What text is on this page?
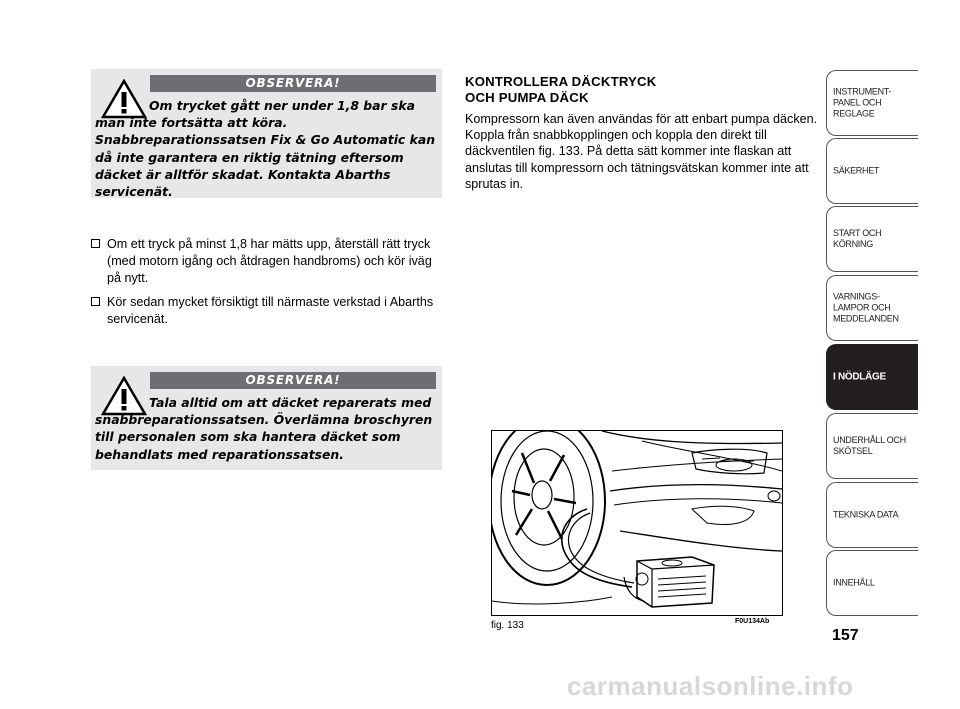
OBSERVERA!
Om trycket gått ner under 1,8 bar ska man inte fortsätta att köra. Snabbreparationssatsen Fix & Go Automatic kan då inte garantera en riktig tätning eftersom däcket är alltför skadat. Kontakta Abarths servicenät.
Om ett tryck på minst 1,8 har mätts upp, återställ rätt tryck (med motorn igång och åtdragen handbroms) och kör iväg på nytt.
Kör sedan mycket försiktigt till närmaste verkstad i Abarths servicenät.
OBSERVERA!
Tala alltid om att däcket reparerats med snabbreparationssatsen. Överlämna broschyren till personalen som ska hantera däcket som behandlats med reparationssatsen.
KONTROLLERA DÄCKTRYCK
OCH PUMPA DÄCK

Kompressorn kan även användas för att enbart pumpa däcken. Koppla från snabbkopplingen och koppla den direkt till däckventilen fig. 133. På detta sätt kommer inte flaskan att anslutas till kompressorn och tätningsvätskan kommer inte att sprutas in.

fig. 133	F0U134Ab
157
INSTRUMENT- PANEL OCH REGLAGE
SÄKERHET
START OCH KÖRNING
VARNINGS- LAMPOR OCH MEDDELANDEN
I NÖDLÄGE
UNDERHÅLL OCH SKÖTSEL
TEKNISKA DATA
INNEHÅLL
carmanualsonline.info
